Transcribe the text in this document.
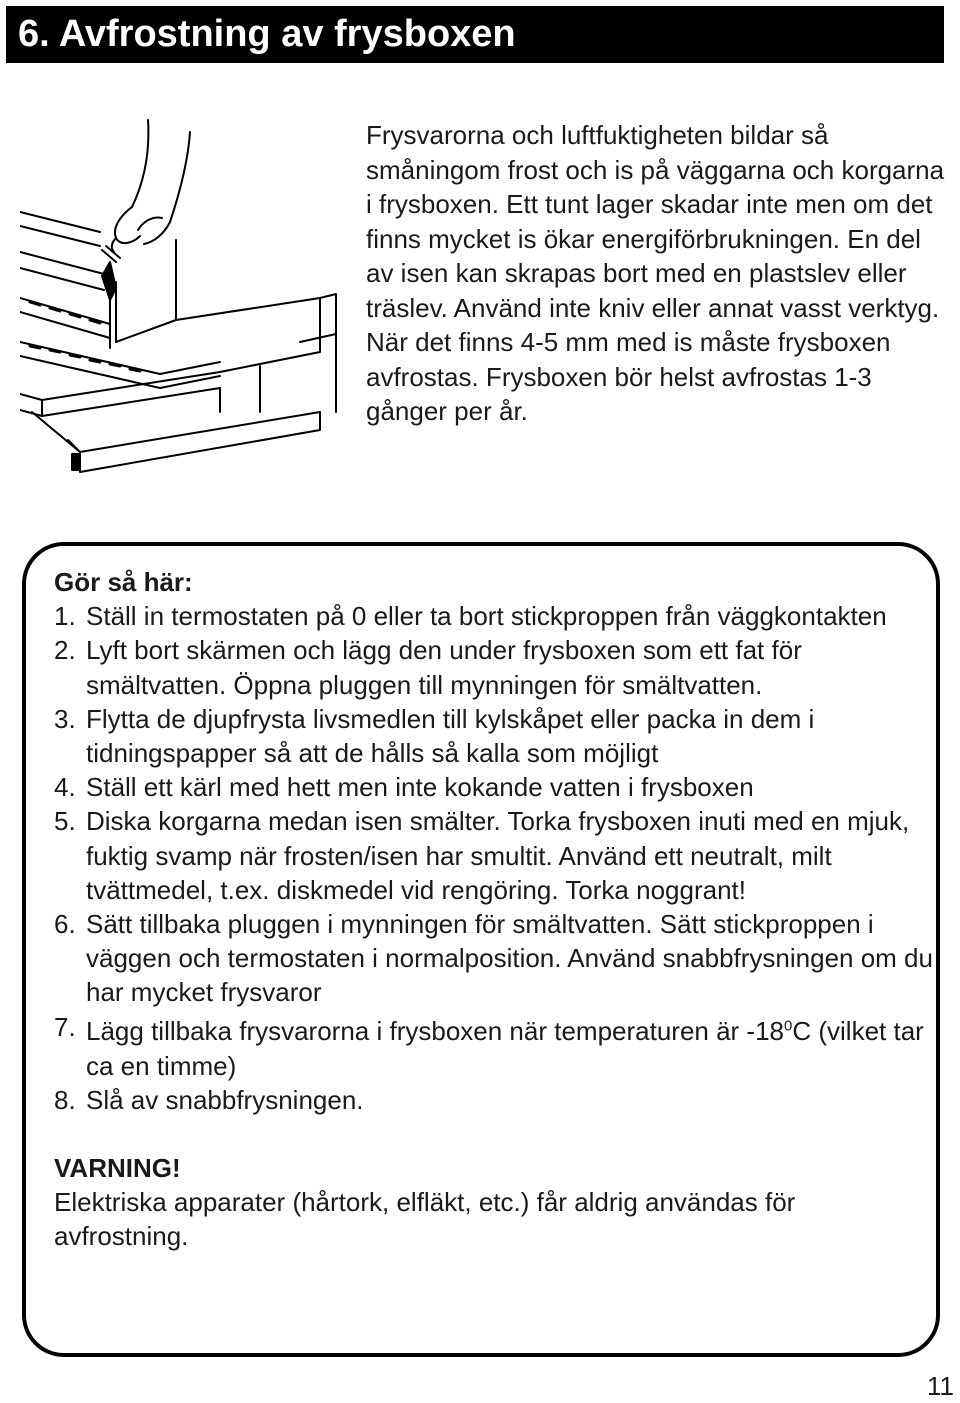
6. Avfrostning av frysboxen

Frysvarorna och luftfuktigheten bildar så småningom frost och is på väggarna och korgarna i frysboxen. Ett tunt lager skadar inte men om det finns mycket is ökar energiförbrukningen. En del av isen kan skrapas bort med en plastslev eller träslev. Använd inte kniv eller annat vasst verktyg. När det finns 4-5 mm med is måste frysboxen avfrostas. Frysboxen bör helst avfrostas 1-3 gånger per år.

Gör så här:

1. Ställ in termostaten på 0 eller ta bort stickproppen från väggkontakten
2. Lyft bort skärmen och lägg den under frysboxen som ett fat för smältvatten. Öppna pluggen till mynningen för smältvatten.
3. Flytta de djupfrysta livsmedlen till kylskåpet eller packa in dem i tidningspapper så att de hålls så kalla som möjligt
4. Ställ ett kärl med hett men inte kokande vatten i frysboxen
5. Diska korgarna medan isen smälter. Torka frysboxen inuti med en mjuk, fuktig svamp när frosten/isen har smultit. Använd ett neutralt, milt tvättmedel, t.ex. diskmedel vid rengöring. Torka noggrant!
6. Sätt tillbaka pluggen i mynningen för smältvatten. Sätt stickproppen i väggen och termostaten i normalposition. Använd snabbfrysningen om du har mycket frysvaror
7. Lägg tillbaka frysvarorna i frysboxen när temperaturen är $-18^0C$ (vilket tar ca en timme)
8. Slå av snabbfrysningen.

VARNING!

Elektriska apparater (hårtork, elfläkt, etc.) får aldrig användas för avfrostning.

11
